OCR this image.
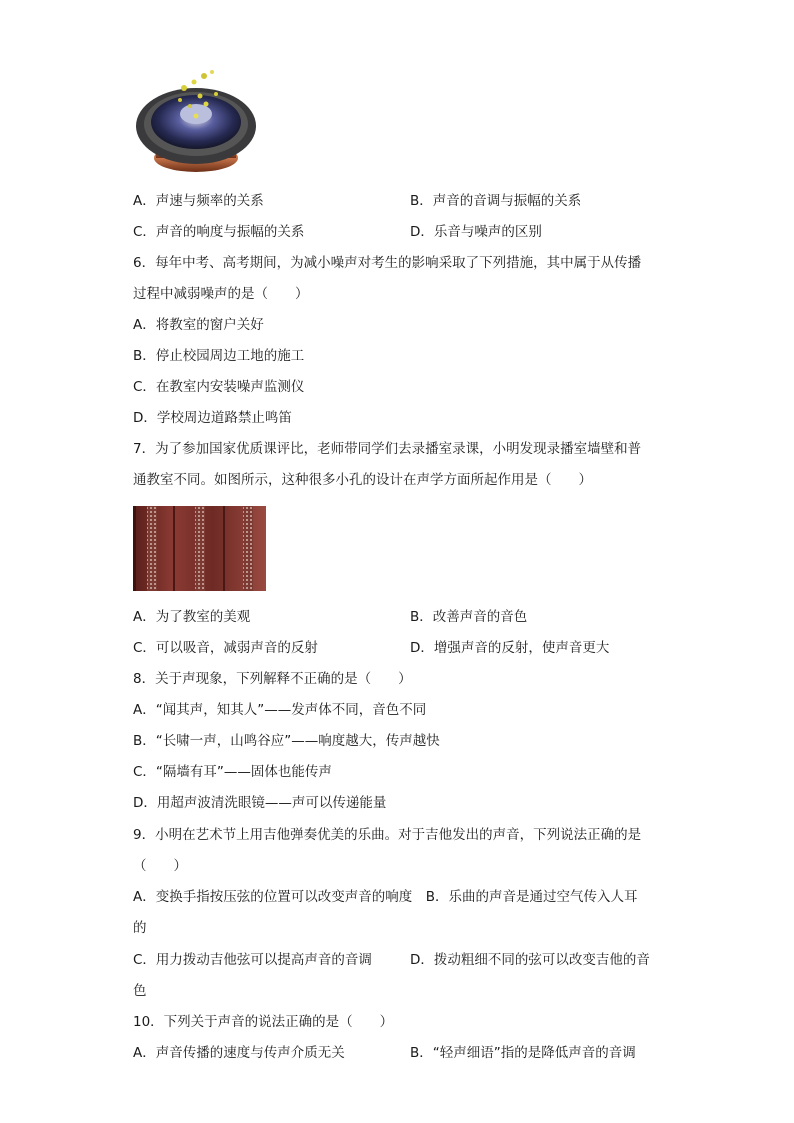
A．声速与频率的关系	B．声音的音调与振幅的关系
C．声音的响度与振幅的关系	D．乐音与噪声的区别
6．每年中考、高考期间，为减小噪声对考生的影响采取了下列措施，其中属于从传播
过程中减弱噪声的是（　　）
A．将教室的窗户关好
B．停止校园周边工地的施工
C．在教室内安装噪声监测仪
D．学校周边道路禁止鸣笛
7．为了参加国家优质课评比，老师带同学们去录播室录课，小明发现录播室墙壁和普
通教室不同。如图所示，这种很多小孔的设计在声学方面所起作用是（　　）
A．为了教室的美观	B．改善声音的音色
C．可以吸音，减弱声音的反射	D．增强声音的反射，使声音更大
8．关于声现象，下列解释不正确的是（　　）
A．“闻其声，知其人”——发声体不同，音色不同
B．“长啸一声，山鸣谷应”——响度越大，传声越快
C．“隔墙有耳”——固体也能传声
D．用超声波清洗眼镜——声可以传递能量
9．小明在艺术节上用吉他弹奏优美的乐曲。对于吉他发出的声音，下列说法正确的是
（　　）
A．变换手指按压弦的位置可以改变声音的响度　B．乐曲的声音是通过空气传入人耳
的
C．用力拨动吉他弦可以提高声音的音调	D．拨动粗细不同的弦可以改变吉他的音
色
10．下列关于声音的说法正确的是（　　）
A．声音传播的速度与传声介质无关	B．“轻声细语”指的是降低声音的音调
